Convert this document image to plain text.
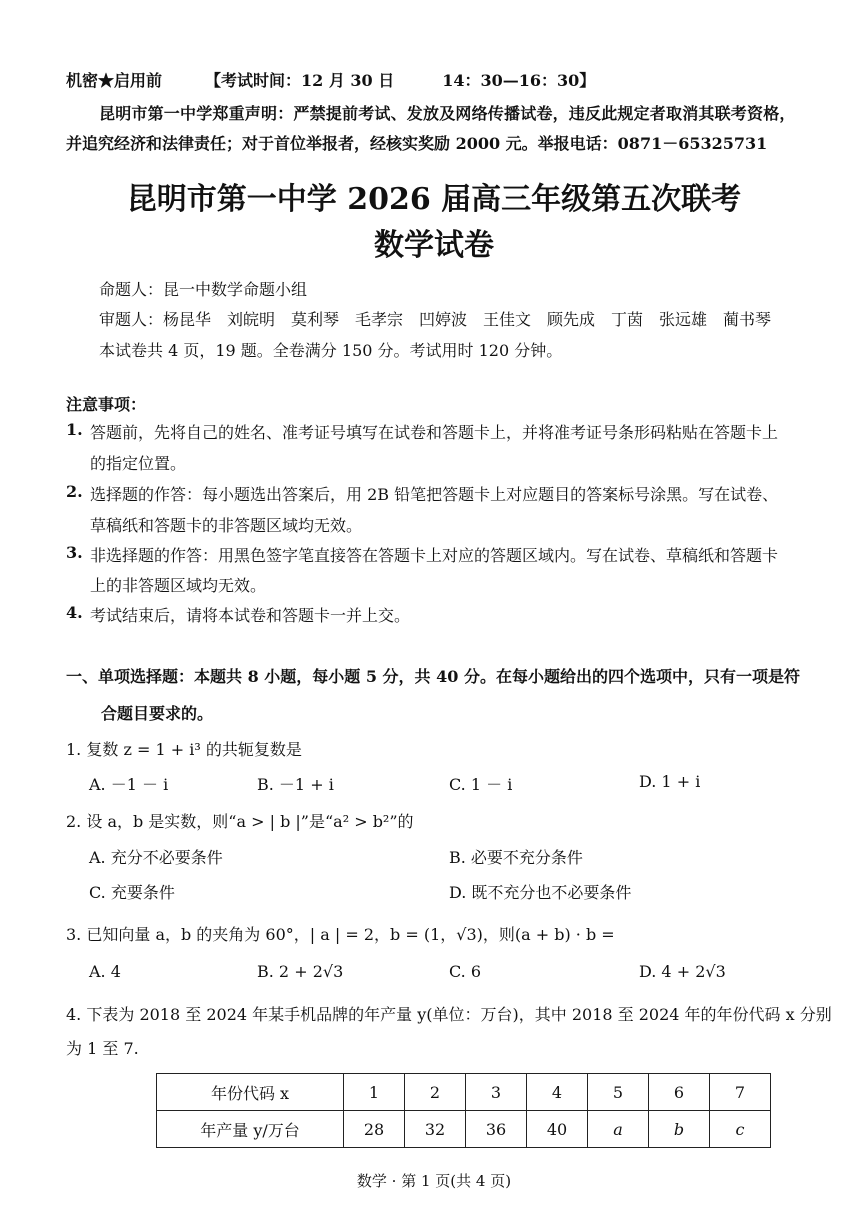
机密★启用前	【考试时间：12 月 30 日　　　14：30—16：30】
昆明市第一中学郑重声明：严禁提前考试、发放及网络传播试卷，违反此规定者取消其联考资格，
并追究经济和法律责任；对于首位举报者，经核实奖励 2000 元。举报电话：0871－65325731
昆明市第一中学 2026 届高三年级第五次联考
数学试卷
命题人：昆一中数学命题小组
审题人：杨昆华　刘皖明　莫利琴　毛孝宗　凹婷波　王佳文　顾先成　丁茵　张远雄　蔺书琴
本试卷共 4 页，19 题。全卷满分 150 分。考试用时 120 分钟。
注意事项：
1. 答题前，先将自己的姓名、准考证号填写在试卷和答题卡上，并将准考证号条形码粘贴在答题卡上
的指定位置。
2. 选择题的作答：每小题选出答案后，用 2B 铅笔把答题卡上对应题目的答案标号涂黑。写在试卷、
草稿纸和答题卡的非答题区域均无效。
3. 非选择题的作答：用黑色签字笔直接答在答题卡上对应的答题区域内。写在试卷、草稿纸和答题卡
上的非答题区域均无效。
4. 考试结束后，请将本试卷和答题卡一并上交。
一、单项选择题：本题共 8 小题，每小题 5 分，共 40 分。在每小题给出的四个选项中，只有一项是符
合题目要求的。
1. 复数 z = 1 + i³ 的共轭复数是
A. －1 － i	B. －1 + i	C. 1 － i	D. 1 + i
2. 设 a，b 是实数，则“a > | b |”是“a² > b²”的
A. 充分不必要条件	B. 必要不充分条件
C. 充要条件	D. 既不充分也不必要条件
3. 已知向量 a，b 的夹角为 60°，| a | = 2，b = (1，√3)，则(a + b) · b =
A. 4	B. 2 + 2√3	C. 6	D. 4 + 2√3
4. 下表为 2018 至 2024 年某手机品牌的年产量 y(单位：万台)，其中 2018 至 2024 年的年份代码 x 分别
为 1 至 7.
年份代码 x	1	2	3	4	5	6	7
年产量 y/万台	28	32	36	40	a	b	c
数学 · 第 1 页(共 4 页)
